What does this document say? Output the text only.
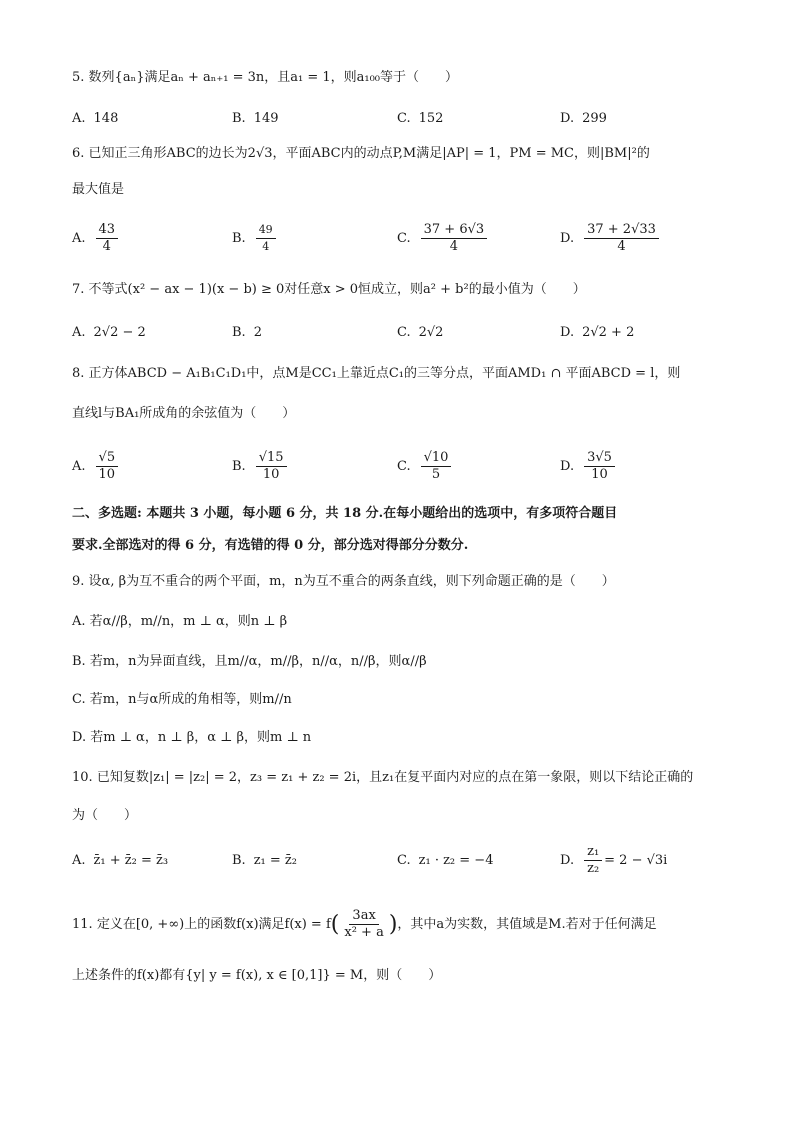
5. 数列{aₙ}满足aₙ + aₙ₊₁ = 3n，且a₁ = 1，则a₁₀₀等于（　　）
A. 148	B. 149	C. 152	D. 299
6. 已知正三角形ABC的边长为2√3，平面ABC内的动点P,M满足|AP| = 1，PM = MC，则|BM|²的
最大值是
A. $\frac{43}{4}$	B. $\frac{49}{4}$	C. $\frac{37 + 6√3}{4}$	D. $\frac{37 + 2√33}{4}$
7. 不等式(x² − ax − 1)(x − b) ≥ 0对任意x > 0恒成立，则a² + b²的最小值为（　　）
A. 2√2 − 2	B. 2	C. 2√2	D. 2√2 + 2
8. 正方体ABCD − A₁B₁C₁D₁中，点M是CC₁上靠近点C₁的三等分点，平面AMD₁ ∩ 平面ABCD = l，则
直线l与BA₁所成角的余弦值为（　　）
A. $\frac{√5}{10}$	B. $\frac{√15}{10}$	C. $\frac{√10}{5}$	D. $\frac{3√5}{10}$
二、多选题: 本题共 3 小题，每小题 6 分，共 18 分.在每小题给出的选项中，有多项符合题目
要求.全部选对的得 6 分，有选错的得 0 分，部分选对得部分分数分.
9. 设α, β为互不重合的两个平面，m，n为互不重合的两条直线，则下列命题正确的是（　　）
A. 若α//β，m//n，m ⊥ α，则n ⊥ β
B. 若m，n为异面直线，且m//α，m//β，n//α，n//β，则α//β
C. 若m，n与α所成的角相等，则m//n
D. 若m ⊥ α，n ⊥ β，α ⊥ β，则m ⊥ n
10. 已知复数|z₁| = |z₂| = 2，z₃ = z₁ + z₂ = 2i，且z₁在复平面内对应的点在第一象限，则以下结论正确的
为（　　）
A. z̄₁ + z̄₂ = z̄₃	B. z₁ = z̄₂	C. z₁ · z₂ = −4	D. $\frac{\text{z₁}}{\text{z₂}} = 2 - √3i$
11.
定义在[0, +∞)上的函数f(x)满足f(x) = f ( $\frac{3ax}{\text{x² + a}}$ ) ，其中a为实数，其值域是M.若对于任何满足
上述条件的f(x)都有{y| y = f(x), x ∈ [0,1]} = M，则（　　）
